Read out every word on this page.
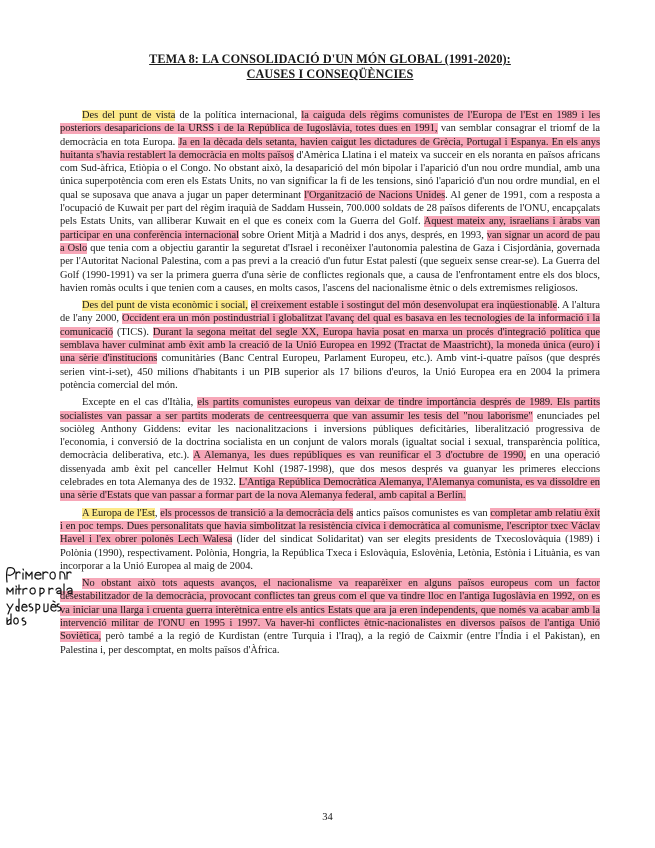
TEMA 8: LA CONSOLIDACIÓ D'UN MÓN GLOBAL (1991-2020):
CAUSES I CONSEQÜÈNCIES

Des del punt de vista de la política internacional, la caiguda dels règims comunistes de l'Europa de l'Est en 1989 i les posteriors desaparicions de la URSS i de la República de Iugoslàvia, totes dues en 1991, van semblar consagrar el triomf de la democràcia en tota Europa. Ja en la dècada dels setanta, havien caigut les dictadures de Grècia, Portugal i Espanya. En els anys huitanta s'havia restablert la democràcia en molts països d'Amèrica Llatina i el mateix va succeir en els noranta en països africans com Sud-àfrica, Etiòpia o el Congo. No obstant això, la desaparició del món bipolar i l'aparició d'un nou ordre mundial, amb una única superpotència com eren els Estats Units, no van significar la fi de les tensions, sinó l'aparició d'un nou ordre mundial, en el qual se suposava que anava a jugar un paper determinant l'Organització de Nacions Unides. Al gener de 1991, com a resposta a l'ocupació de Kuwait per part del règim iraquià de Saddam Hussein, 700.000 soldats de 28 països diferents de l'ONU, encapçalats pels Estats Units, van alliberar Kuwait en el que es coneix com la Guerra del Golf. Aquest mateix any, israelians i àrabs van participar en una conferència internacional sobre Orient Mitjà a Madrid i dos anys, després, en 1993, van signar un acord de pau a Oslo que tenia com a objectiu garantir la seguretat d'Israel i reconèixer l'autonomia palestina de Gaza i Cisjordània, governada per l'Autoritat Nacional Palestina, com a pas previ a la creació d'un futur Estat palestí (que segueix sense crear-se). La Guerra del Golf (1990-1991) va ser la primera guerra d'una sèrie de conflictes regionals que, a causa de l'enfrontament entre els dos blocs, havien romàs ocults i que tenien com a causes, en molts casos, l'ascens del nacionalisme ètnic o dels extremismes religiosos.

Des del punt de vista econòmic i social, el creixement estable i sostingut del món desenvolupat era inqüestionable. A l'altura de l'any 2000, Occident era un món postindustrial i globalitzat l'avanç del qual es basava en les tecnologies de la informació i la comunicació (TICS). Durant la segona meitat del segle XX, Europa havia posat en marxa un procés d'integració política que semblava haver culminat amb èxit amb la creació de la Unió Europea en 1992 (Tractat de Maastricht), la moneda única (euro) i una sèrie d'institucions comunitàries (Banc Central Europeu, Parlament Europeu, etc.). Amb vint-i-quatre països (que després serien vint-i-set), 450 milions d'habitants i un PIB superior als 17 bilions d'euros, la Unió Europea era en 2004 la primera potència comercial del món.

Excepte en el cas d'Itàlia, els partits comunistes europeus van deixar de tindre importància després de 1989. Els partits socialistes van passar a ser partits moderats de centreesquerra que van assumir les tesis del "nou laborisme" enunciades pel sociòleg Anthony Giddens: evitar les nacionalitzacions i inversions públiques deficitàries, liberalització progressiva de l'economia, i conversió de la doctrina socialista en un conjunt de valors morals (igualtat social i sexual, transparència política, democràcia deliberativa, etc.). A Alemanya, les dues repúbliques es van reunificar el 3 d'octubre de 1990, en una operació dissenyada amb èxit pel canceller Helmut Kohl (1987-1998), que dos mesos després va guanyar les primeres eleccions celebrades en tota Alemanya des de 1932. L'Antiga República Democràtica Alemanya, l'Alemanya comunista, es va dissoldre en una sèrie d'Estats que van passar a formar part de la nova Alemanya federal, amb capital a Berlín.

A Europa de l'Est, els processos de transició a la democràcia dels antics països comunistes es van completar amb relatiu èxit i en poc temps. Dues personalitats que havia simbolitzat la resistència cívica i democràtica al comunisme, l'escriptor txec Václav Havel i l'ex obrer polonès Lech Walesa (líder del sindicat Solidaritat) van ser elegits presidents de Txecoslovàquia (1989) i Polònia (1990), respectivament. Polònia, Hongria, la República Txeca i Eslovàquia, Eslovènia, Letònia, Estònia i Lituània, es van incorporar a la Unió Europea al maig de 2004.

No obstant això tots aquests avanços, el nacionalisme va reaparèixer en alguns països europeus com un factor desestabilitzador de la democràcia, provocant conflictes tan greus com el que va tindre lloc en l'antiga Iugoslàvia en 1992, on es va iniciar una llarga i cruenta guerra interètnica entre els antics Estats que ara ja eren independents, que només va acabar amb la intervenció militar de l'ONU en 1995 i 1997. Va haver-hi conflictes ètnic-nacionalistes en diversos països de l'antiga Unió Soviètica, però també a la regió de Kurdistan (entre Turquia i l'Iraq), a la regió de Caixmir (entre l'Índia i el Pakistan), en Palestina i, per descomptat, en molts països d'Àfrica.

34
